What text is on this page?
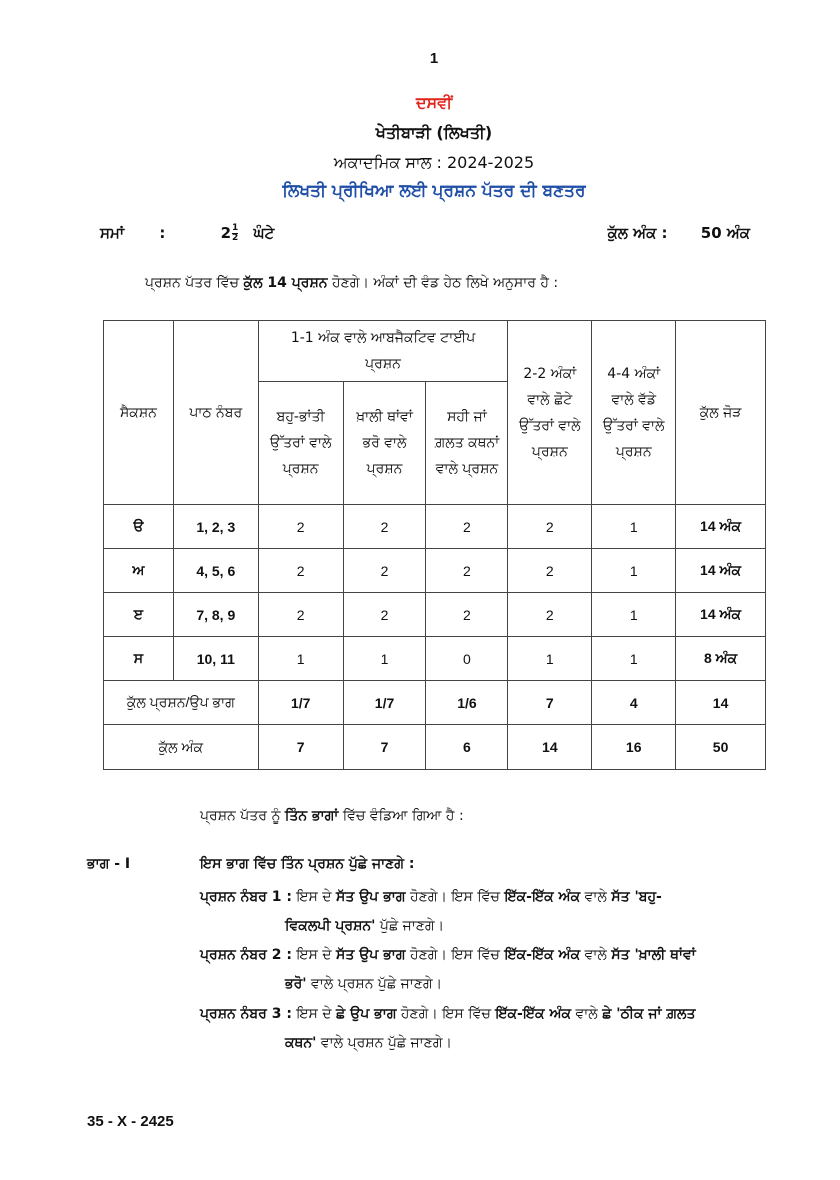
1
ਦਸਵੀਂ
ਖੇਤੀਬਾੜੀ (ਲਿਖਤੀ)
ਅਕਾਦਮਿਕ ਸਾਲ : 2024-2025
ਲਿਖਤੀ ਪ੍ਰੀਖਿਆ ਲਈ ਪ੍ਰਸ਼ਨ ਪੱਤਰ ਦੀ ਬਣਤਰ
ਸਮਾਂ :	$2 \frac{1}{2}$ ਘੰਟੇ	ਕੁੱਲ ਅੰਕ : 50 ਅੰਕ
ਪ੍ਰਸ਼ਨ ਪੱਤਰ ਵਿੱਚ ਕੁੱਲ 14 ਪ੍ਰਸ਼ਨ ਹੋਣਗੇ। ਅੰਕਾਂ ਦੀ ਵੰਡ ਹੇਠ ਲਿਖੇ ਅਨੁਸਾਰ ਹੈ :
ਸੈਕਸ਼ਨ	ਪਾਠ ਨੰਬਰ	1-1 ਅੰਕ ਵਾਲੇ ਆਬਜੈਕਟਿਵ ਟਾਈਪ ਪ੍ਰਸ਼ਨ			2-2 ਅੰਕਾਂ ਵਾਲੇ ਛੋਟੇ ਉੱਤਰਾਂ ਵਾਲੇ ਪ੍ਰਸ਼ਨ	4-4 ਅੰਕਾਂ ਵਾਲੇ ਵੱਡੇ ਉੱਤਰਾਂ ਵਾਲੇ ਪ੍ਰਸ਼ਨ	ਕੁੱਲ ਜੋੜ
		ਬਹੁ-ਭਾਂਤੀ ਉੱਤਰਾਂ ਵਾਲੇ ਪ੍ਰਸ਼ਨ	ਖ਼ਾਲੀ ਥਾਂਵਾਂ ਭਰੋ ਵਾਲੇ ਪ੍ਰਸ਼ਨ	ਸਹੀ ਜਾਂ ਗ਼ਲਤ ਕਥਨਾਂ ਵਾਲੇ ਪ੍ਰਸ਼ਨ			
ੳ	1, 2, 3	2	2	2	2	1	14 ਅੰਕ
ਅ	4, 5, 6	2	2	2	2	1	14 ਅੰਕ
ੲ	7, 8, 9	2	2	2	2	1	14 ਅੰਕ
ਸ	10, 11	1	1	0	1	1	8 ਅੰਕ
ਕੁੱਲ ਪ੍ਰਸ਼ਨ/ਉਪ ਭਾਗ		1/7	1/7	1/6	7	4	14
ਕੁੱਲ ਅੰਕ		7	7	6	14	16	50
ਪ੍ਰਸ਼ਨ ਪੱਤਰ ਨੂੰ ਤਿੰਨ ਭਾਗਾਂ ਵਿੱਚ ਵੰਡਿਆ ਗਿਆ ਹੈ :
ਭਾਗ - I	ਇਸ ਭਾਗ ਵਿੱਚ ਤਿੰਨ ਪ੍ਰਸ਼ਨ ਪੁੱਛੇ ਜਾਣਗੇ :
ਪ੍ਰਸ਼ਨ ਨੰਬਰ 1 : ਇਸ ਦੇ ਸੱਤ ਉਪ ਭਾਗ ਹੋਣਗੇ। ਇਸ ਵਿੱਚ ਇੱਕ-ਇੱਕ ਅੰਕ ਵਾਲੇ ਸੱਤ 'ਬਹੁ-
ਵਿਕਲਪੀ ਪ੍ਰਸ਼ਨ' ਪੁੱਛੇ ਜਾਣਗੇ।
ਪ੍ਰਸ਼ਨ ਨੰਬਰ 2 : ਇਸ ਦੇ ਸੱਤ ਉਪ ਭਾਗ ਹੋਣਗੇ। ਇਸ ਵਿੱਚ ਇੱਕ-ਇੱਕ ਅੰਕ ਵਾਲੇ ਸੱਤ 'ਖ਼ਾਲੀ ਥਾਂਵਾਂ
ਭਰੋ' ਵਾਲੇ ਪ੍ਰਸ਼ਨ ਪੁੱਛੇ ਜਾਣਗੇ।
ਪ੍ਰਸ਼ਨ ਨੰਬਰ 3 : ਇਸ ਦੇ ਛੇ ਉਪ ਭਾਗ ਹੋਣਗੇ। ਇਸ ਵਿੱਚ ਇੱਕ-ਇੱਕ ਅੰਕ ਵਾਲੇ ਛੇ 'ਠੀਕ ਜਾਂ ਗ਼ਲਤ
ਕਥਨ' ਵਾਲੇ ਪ੍ਰਸ਼ਨ ਪੁੱਛੇ ਜਾਣਗੇ।
35 - X - 2425
